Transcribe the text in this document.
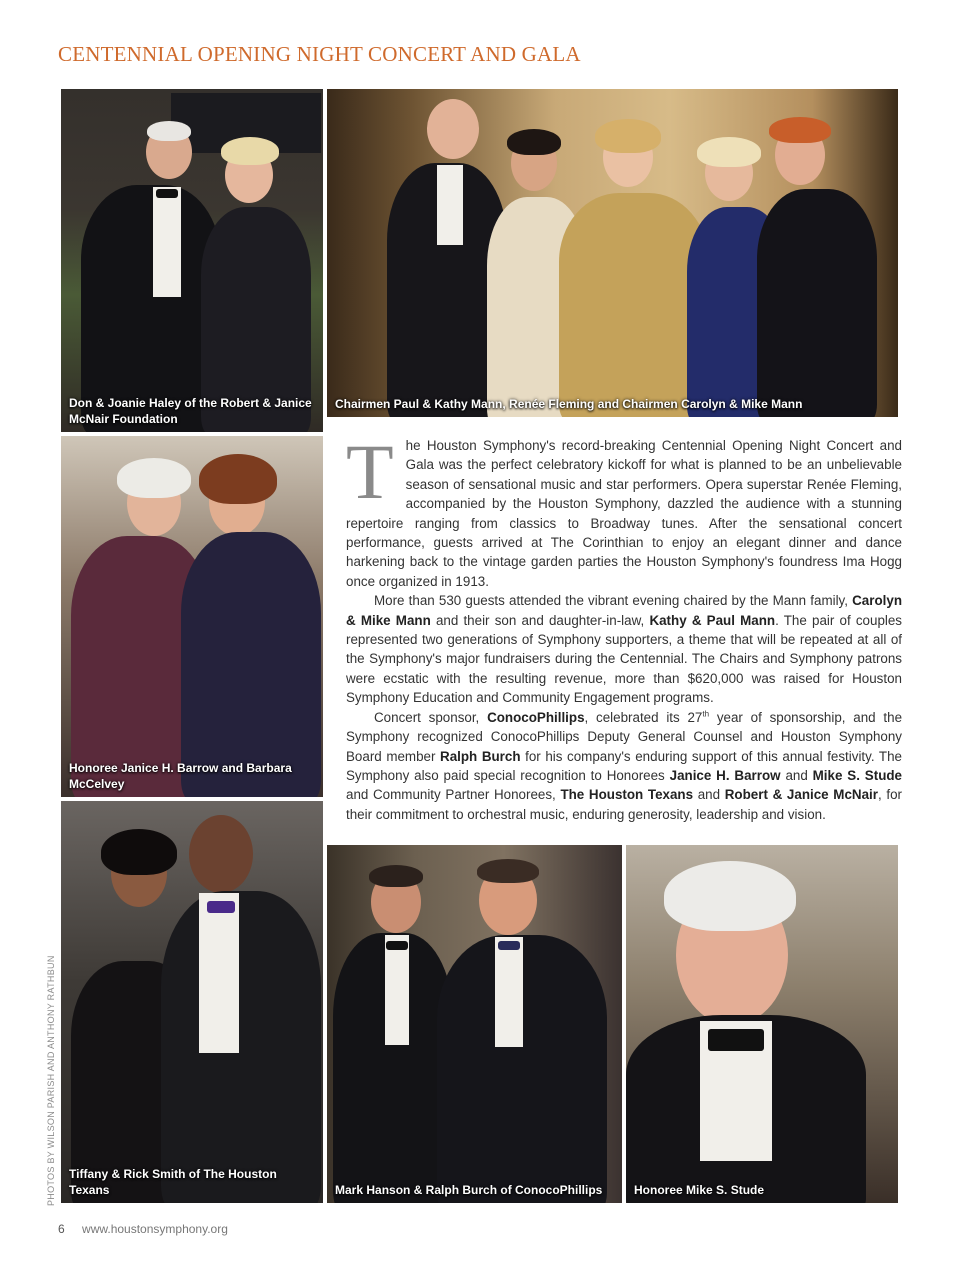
CENTENNIAL OPENING NIGHT CONCERT AND GALA
Don & Joanie Haley of the Robert & Janice McNair Foundation
Chairmen Paul & Kathy Mann, Renée Fleming and Chairmen Carolyn & Mike Mann
Honoree Janice H. Barrow and Barbara McCelvey
Tiffany & Rick Smith of The Houston Texans	Mark Hanson & Ralph Burch of ConocoPhillips	Honoree Mike S. Stude

The Houston Symphony's record-breaking Centennial Opening Night Concert and Gala was the perfect celebratory kickoff for what is planned to be an unbelievable season of sensational music and star performers. Opera superstar Renée Fleming, accompanied by the Houston Symphony, dazzled the audience with a stunning repertoire ranging from classics to Broadway tunes. After the sensational concert performance, guests arrived at The Corinthian to enjoy an elegant dinner and dance harkening back to the vintage garden parties the Houston Symphony's foundress Ima Hogg once organized in 1913.

More than 530 guests attended the vibrant evening chaired by the Mann family, Carolyn & Mike Mann and their son and daughter-in-law, Kathy & Paul Mann. The pair of couples represented two generations of Symphony supporters, a theme that will be repeated at all of the Symphony's major fundraisers during the Centennial. The Chairs and Symphony patrons were ecstatic with the resulting revenue, more than $620,000 was raised for Houston Symphony Education and Community Engagement programs.

Concert sponsor, ConocoPhillips, celebrated its 27th year of sponsorship, and the Symphony recognized ConocoPhillips Deputy General Counsel and Houston Symphony Board member Ralph Burch for his company's enduring support of this annual festivity. The Symphony also paid special recognition to Honorees Janice H. Barrow and Mike S. Stude and Community Partner Honorees, The Houston Texans and Robert & Janice McNair, for their commitment to orchestral music, enduring generosity, leadership and vision.

PHOTOS BY WILSON PARISH AND ANTHONY RATHBUN
6 www.houstonsymphony.org
